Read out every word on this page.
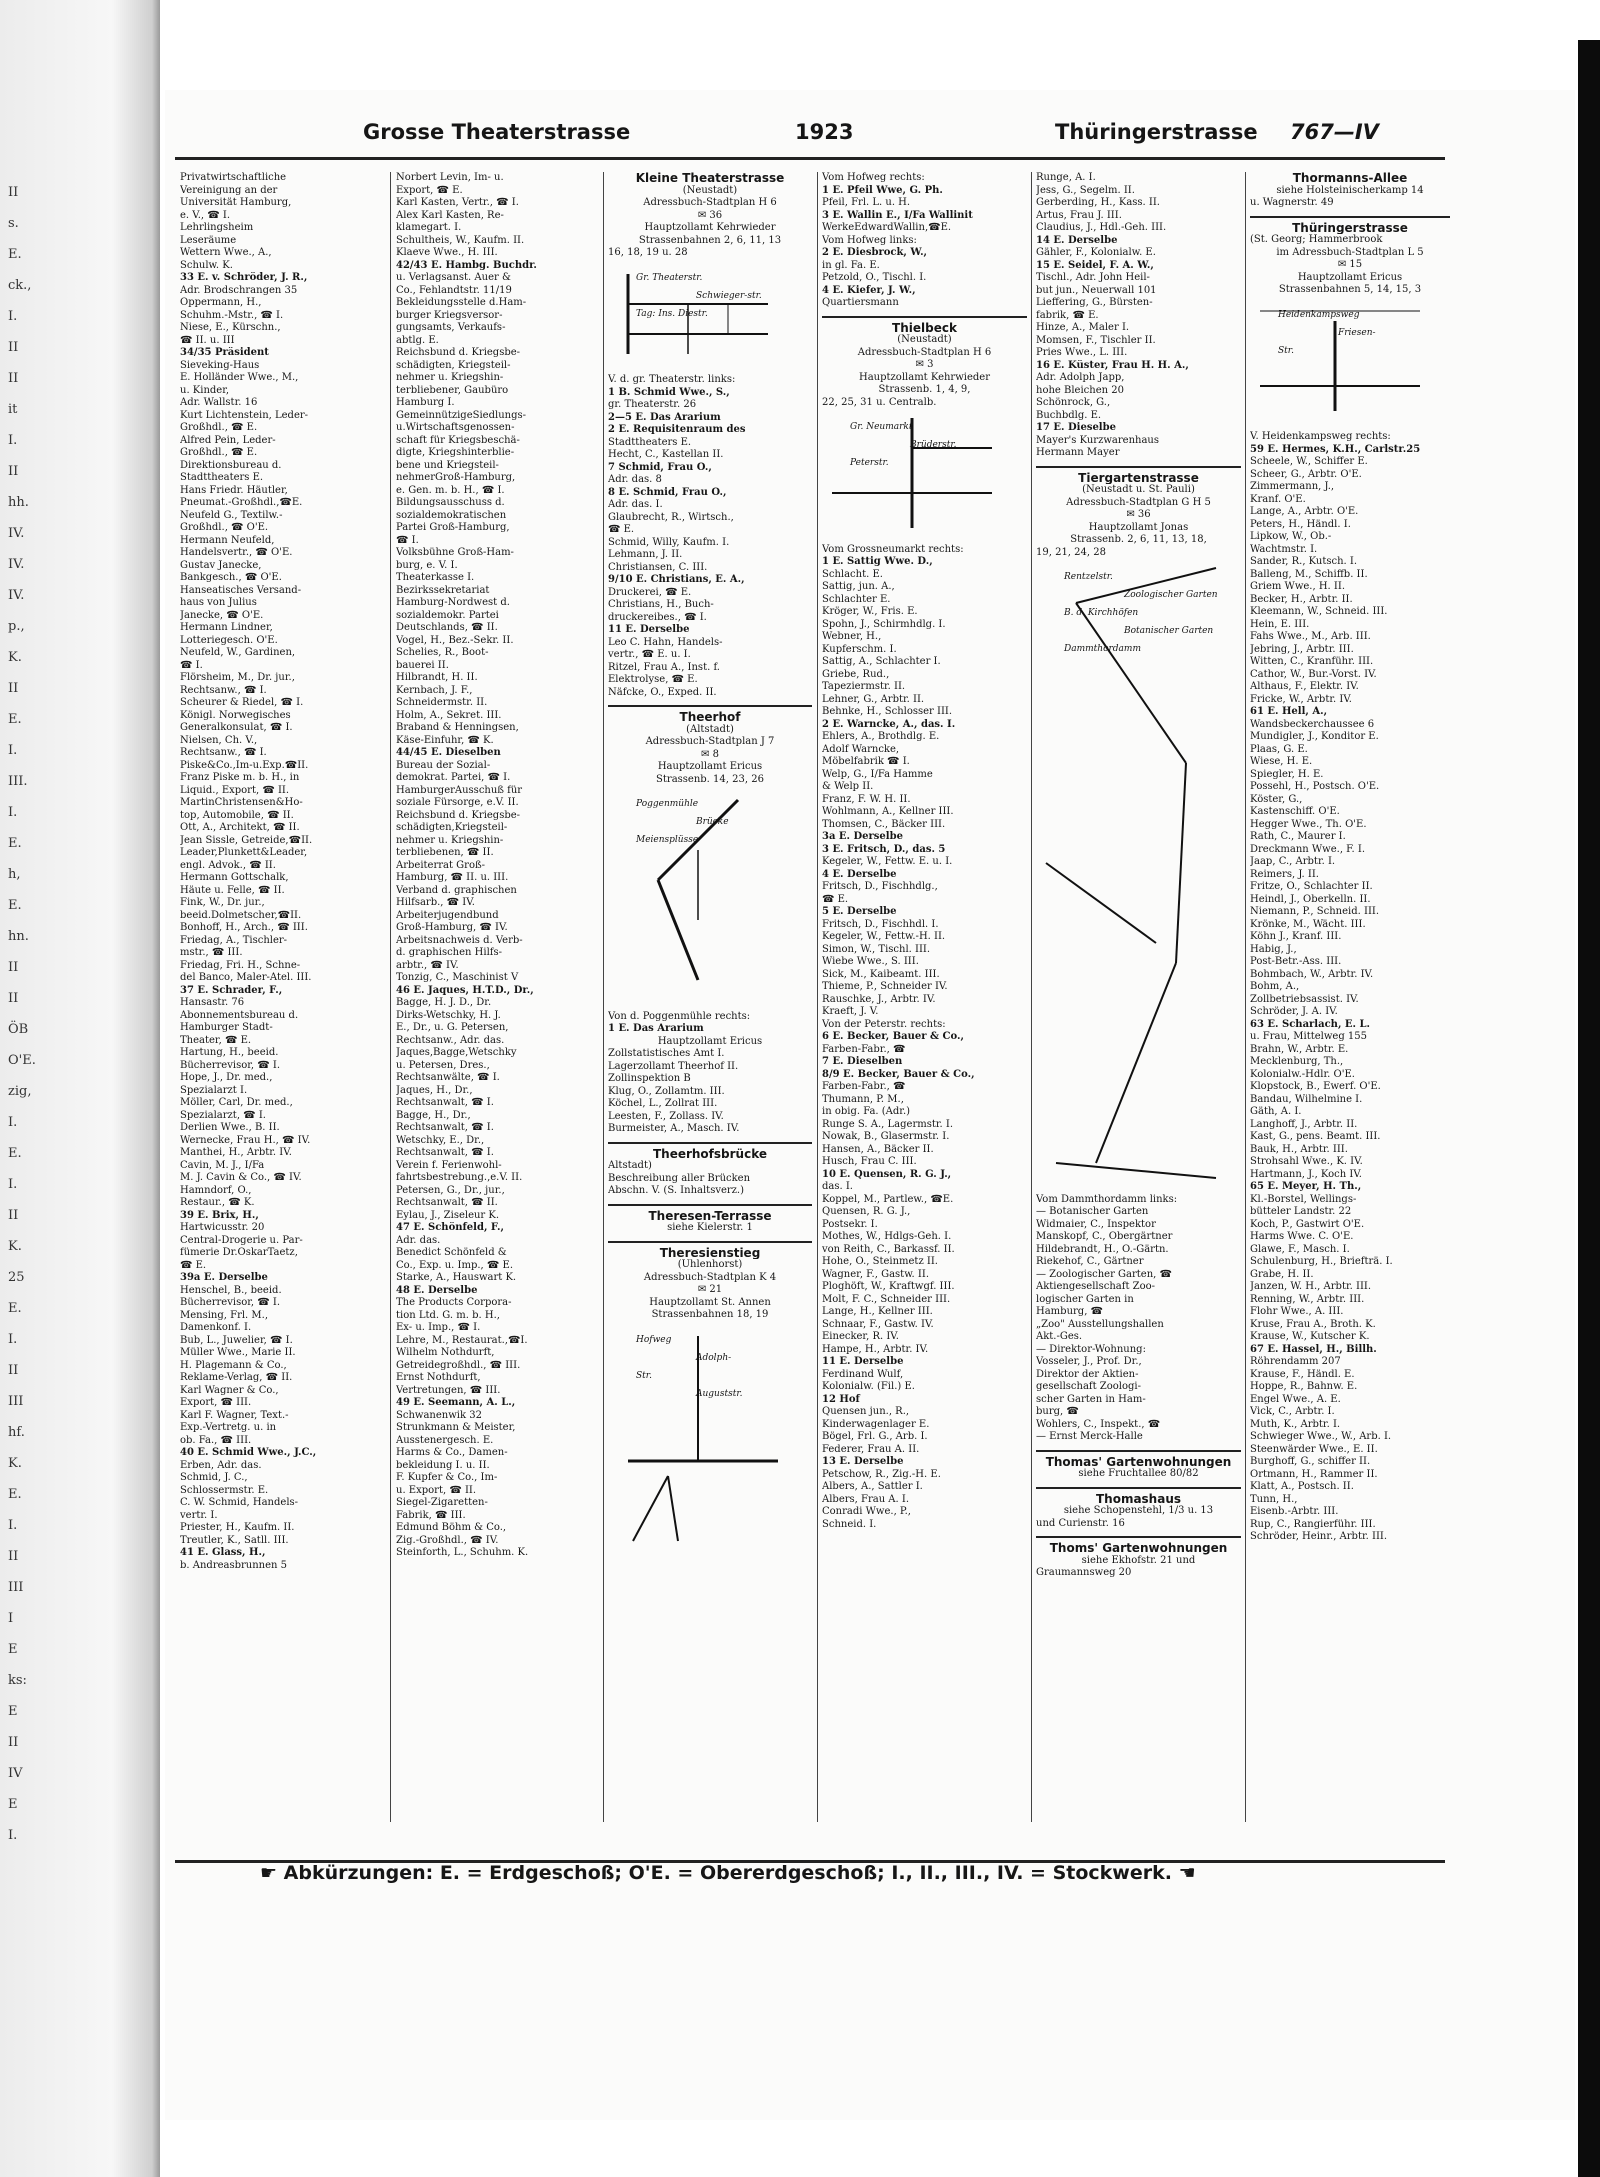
Grosse Theaterstrasse	1923	Thüringerstrasse 767—IV
II
s.
E.
ck.,
I.
II
II
it
I.
II
hh.
IV.
IV.
IV.
p.,
K.
II
E.
I.
III.
I.
E.
h,
E.
hn.
II
II
ÖB
O'E.
zig,
I.
E.
I.
II
K.
25
E.
I.
II
III
hf.
K.
E.
I.
II
III
I
E
ks:
E
II
IV
E
I.
Privatwirtschaftliche
Vereinigung an der
Universität Hamburg,
e. V., ☎ I.
Lehrlingsheim
Leseräume
Wettern Wwe., A.,
Schulw. K.
33 E. v. Schröder, J. R.,
Adr. Brodschrangen 35
Oppermann, H.,
Schuhm.-Mstr., ☎ I.
Niese, E., Kürschn.,
☎ II. u. III
34/35 Präsident
Sieveking-Haus
E. Holländer Wwe., M.,
u. Kinder,
Adr. Wallstr. 16
Kurt Lichtenstein, Leder-
Großhdl., ☎ E.
Alfred Pein, Leder-
Großhdl., ☎ E.
Direktionsbureau d.
Stadttheaters E.
Hans Friedr. Häutler,
Pneumat.-Großhdl.,☎E.
Neufeld G., Textilw.-
Großhdl., ☎ O'E.
Hermann Neufeld,
Handelsvertr., ☎ O'E.
Gustav Janecke,
Bankgesch., ☎ O'E.
Hanseatisches Versand-
haus von Julius
Janecke, ☎ O'E.
Hermann Lindner,
Lotteriegesch. O'E.
Neufeld, W., Gardinen,
☎ I.
Flörsheim, M., Dr. jur.,
Rechtsanw., ☎ I.
Scheurer & Riedel, ☎ I.
Königl. Norwegisches
Generalkonsulat, ☎ I.
Nielsen, Ch. V.,
Rechtsanw., ☎ I.
Piske&Co.,Im-u.Exp.☎II.
Franz Piske m. b. H., in
Liquid., Export, ☎ II.
MartinChristensen&Ho-
top, Automobile, ☎ II.
Ott, A., Architekt, ☎ II.
Jean Sissle, Getreide,☎II.
Leader,Plunkett&Leader,
engl. Advok., ☎ II.
Hermann Gottschalk,
Häute u. Felle, ☎ II.
Fink, W., Dr. jur.,
beeid.Dolmetscher,☎II.
Bonhoff, H., Arch., ☎ III.
Friedag, A., Tischler-
mstr., ☎ III.
Friedag, Fri. H., Schne-
del Banco, Maler-Atel. III.
37 E. Schrader, F.,
Hansastr. 76
Abonnementsbureau d.
Hamburger Stadt-
Theater, ☎ E.
Hartung, H., beeid.
Bücherrevisor, ☎ I.
Hope, J., Dr. med.,
Spezialarzt I.
Möller, Carl, Dr. med.,
Spezialarzt, ☎ I.
Derlien Wwe., B. II.
Wernecke, Frau H., ☎ IV.
Manthei, H., Arbtr. IV.
Cavin, M. J., I/Fa
M. J. Cavin & Co., ☎ IV.
Hamndorf, O.,
Restaur., ☎ K.
39 E. Brix, H.,
Hartwicusstr. 20
Central-Drogerie u. Par-
fümerie Dr.OskarTaetz,
☎ E.
39a E. Derselbe
Henschel, B., beeid.
Bücherrevisor, ☎ I.
Mensing, Frl. M.,
Damenkonf. I.
Bub, L., Juwelier, ☎ I.
Müller Wwe., Marie II.
H. Plagemann & Co.,
Reklame-Verlag, ☎ II.
Karl Wagner & Co.,
Export, ☎ III.
Karl F. Wagner, Text.-
Exp.-Vertretg. u. in
ob. Fa., ☎ III.
40 E. Schmid Wwe., J.C.,
Erben, Adr. das.
Schmid, J. C.,
Schlossermstr. E.
C. W. Schmid, Handels-
vertr. I.
Priester, H., Kaufm. II.
Treutler, K., Satll. III.
41 E. Glass, H.,
b. Andreasbrunnen 5
Norbert Levin, Im- u.
Export, ☎ E.
Karl Kasten, Vertr., ☎ I.
Alex Karl Kasten, Re-
klamegart. I.
Schultheis, W., Kaufm. II.
Klaeve Wwe., H. III.
42/43 E. Hambg. Buchdr.
u. Verlagsanst. Auer &
Co., Fehlandtstr. 11/19
Bekleidungsstelle d.Ham-
burger Kriegsversor-
gungsamts, Verkaufs-
abtlg. E.
Reichsbund d. Kriegsbe-
schädigten, Kriegsteil-
nehmer u. Kriegshin-
terbliebener, Gaubüro
Hamburg I.
GemeinnützigeSiedlungs-
u.Wirtschaftsgenossen-
schaft für Kriegsbeschä-
digte, Kriegshinterblie-
bene und Kriegsteil-
nehmerGroß-Hamburg,
e. Gen. m. b. H., ☎ I.
Bildungsausschuss d.
sozialdemokratischen
Partei Groß-Hamburg,
☎ I.
Volksbühne Groß-Ham-
burg, e. V. I.
Theaterkasse I.
Bezirkssekretariat
Hamburg-Nordwest d.
sozialdemokr. Partei
Deutschlands, ☎ II.
Vogel, H., Bez.-Sekr. II.
Schelies, R., Boot-
bauerei II.
Hilbrandt, H. II.
Kernbach, J. F.,
Schneidermstr. II.
Holm, A., Sekret. III.
Braband & Henningsen,
Käse-Einfuhr, ☎ K.
44/45 E. Dieselben
Bureau der Sozial-
demokrat. Partei, ☎ I.
HamburgerAusschuß für
soziale Fürsorge, e.V. II.
Reichsbund d. Kriegsbe-
schädigten,Kriegsteil-
nehmer u. Kriegshin-
terbliebenen, ☎ II.
Arbeiterrat Groß-
Hamburg, ☎ II. u. III.
Verband d. graphischen
Hilfsarb., ☎ IV.
Arbeiterjugendbund
Groß-Hamburg, ☎ IV.
Arbeitsnachweis d. Verb-
d. graphischen Hilfs-
arbtr., ☎ IV.
Tonzig, C., Maschinist V
46 E. Jaques, H.T.D., Dr.,
Bagge, H. J. D., Dr.
Dirks-Wetschky, H. J.
E., Dr., u. G. Petersen,
Rechtsanw., Adr. das.
Jaques,Bagge,Wetschky
u. Petersen, Dres.,
Rechtsanwälte, ☎ I.
Jaques, H., Dr.,
Rechtsanwalt, ☎ I.
Bagge, H., Dr.,
Rechtsanwalt, ☎ I.
Wetschky, E., Dr.,
Rechtsanwalt, ☎ I.
Verein f. Ferienwohl-
fahrtsbestrebung.,e.V. II.
Petersen, G., Dr., jur.,
Rechtsanwalt, ☎ II.
Eylau, J., Ziseleur K.
47 E. Schönfeld, F.,
Adr. das.
Benedict Schönfeld &
Co., Exp. u. Imp., ☎ E.
Starke, A., Hauswart K.
48 E. Derselbe
The Products Corpora-
tion Ltd. G. m. b. H.,
Ex- u. Imp., ☎ I.
Lehre, M., Restaurat.,☎I.
Wilhelm Nothdurft,
Getreidegroßhdl., ☎ III.
Ernst Nothdurft,
Vertretungen, ☎ III.
49 E. Seemann, A. L.,
Schwanenwik 32
Strunkmann & Meister,
Ausstenergesch. E.
Harms & Co., Damen-
bekleidung I. u. II.
F. Kupfer & Co., Im-
u. Export, ☎ II.
Siegel-Zigaretten-
Fabrik, ☎ III.
Edmund Böhm & Co.,
Zig.-Großhdl., ☎ IV.
Steinforth, L., Schuhm. K.
Kleine Theaterstrasse
(Neustadt)
Adressbuch-Stadtplan H 6
✉ 36
Hauptzollamt Kehrwieder
Strassenbahnen 2, 6, 11, 13
16, 18, 19 u. 28
Gr. Theaterstr.
Schwieger-str.
Tag: Ins. Diestr.
V. d. gr. Theaterstr. links:
1 B. Schmid Wwe., S.,
gr. Theaterstr. 26
2—5 E. Das Ärarium
2 E. Requisitenraum des
Stadttheaters E.
Hecht, C., Kastellan II.
7 Schmid, Frau O.,
Adr. das. 8
8 E. Schmid, Frau O.,
Adr. das. I.
Glaubrecht, R., Wirtsch.,
☎ E.
Schmid, Willy, Kaufm. I.
Lehmann, J. II.
Christiansen, C. III.
9/10 E. Christians, E. A.,
Druckerei, ☎ E.
Christians, H., Buch-
druckereibes., ☎ I.
11 E. Derselbe
Leo C. Hahn, Handels-
vertr., ☎ E. u. I.
Ritzel, Frau A., Inst. f.
Elektrolyse, ☎ E.
Näfcke, O., Exped. II.
Theerhof
(Altstadt)
Adressbuch-Stadtplan J 7
✉ 8
Hauptzollamt Ericus
Strassenb. 14, 23, 26
Poggenmühle
Brücke
Meiensplüsse
Von d. Poggenmühle rechts:
1 E. Das Ärarium
Hauptzollamt Ericus
Zollstatistisches Amt I.
Lagerzollamt Theerhof II.
Zollinspektion B
Klug, O., Zollamtm. III.
Köchel, L., Zollrat III.
Leesten, F., Zollass. IV.
Burmeister, A., Masch. IV.
Theerhofsbrücke
Altstadt)
Beschreibung aller Brücken
Abschn. V. (S. Inhaltsverz.)
Theresen-Terrasse
siehe Kielerstr. 1
Theresienstieg
(Uhlenhorst)
Adressbuch-Stadtplan K 4
✉ 21
Hauptzollamt St. Annen
Strassenbahnen 18, 19
Hofweg
Adolph-
Str.
Auguststr.
Vom Hofweg rechts:
1 E. Pfeil Wwe, G. Ph.
Pfeil, Frl. L. u. H.
3 E. Wallin E., I/Fa Wallinit
WerkeEdwardWallin,☎E.
Vom Hofweg links:
2 E. Diesbrock, W.,
in gl. Fa. E.
Petzold, O., Tischl. I.
4 E. Kiefer, J. W.,
Quartiersmann
Thielbeck
(Neustadt)
Adressbuch-Stadtplan H 6
✉ 3
Hauptzollamt Kehrwieder
Strassenb. 1, 4, 9,
22, 25, 31 u. Centralb.
Gr. Neumarkt
Brüderstr.
Peterstr.
Vom Grossneumarkt rechts:
1 E. Sattig Wwe. D.,
Schlacht. E.
Sattig, jun. A.,
Schlachter E.
Kröger, W., Fris. E.
Spohn, J., Schirmhdlg. I.
Webner, H.,
Kupferschm. I.
Sattig, A., Schlachter I.
Griebe, Rud.,
Tapeziermstr. II.
Lehner, G., Arbtr. II.
Behnke, H., Schlosser III.
2 E. Warncke, A., das. I.
Ehlers, A., Brothdlg. E.
Adolf Warncke,
Möbelfabrik ☎ I.
Welp, G., I/Fa Hamme
& Welp II.
Franz, F. W. H. II.
Wohlmann, A., Kellner III.
Thomsen, C., Bäcker III.
3a E. Derselbe
3 E. Fritsch, D., das. 5
Kegeler, W., Fettw. E. u. I.
4 E. Derselbe
Fritsch, D., Fischhdlg.,
☎ E.
5 E. Derselbe
Fritsch, D., Fischhdl. I.
Kegeler, W., Fettw.-H. II.
Simon, W., Tischl. III.
Wiebe Wwe., S. III.
Sick, M., Kaibeamt. III.
Thieme, P., Schneider IV.
Rauschke, J., Arbtr. IV.
Kraeft, J. V.
Von der Peterstr. rechts:
6 E. Becker, Bauer & Co.,
Farben-Fabr., ☎
7 E. Dieselben
8/9 E. Becker, Bauer & Co.,
Farben-Fabr., ☎
Thumann, P. M.,
in obig. Fa. (Adr.)
Runge S. A., Lagermstr. I.
Nowak, B., Glasermstr. I.
Hansen, A., Bäcker II.
Husch, Frau C. III.
10 E. Quensen, R. G. J.,
das. I.
Koppel, M., Partlew., ☎E.
Quensen, R. G. J.,
Postsekr. I.
Mothes, W., Hdlgs-Geh. I.
von Reith, C., Barkassf. II.
Hohe, O., Steinmetz II.
Wagner, F., Gastw. II.
Ploghöft, W., Kraftwgf. III.
Molt, F. C., Schneider III.
Lange, H., Kellner III.
Schnaar, F., Gastw. IV.
Einecker, R. IV.
Hampe, H., Arbtr. IV.
11 E. Derselbe
Ferdinand Wulf,
Kolonialw. (Fil.) E.
12 Hof
Quensen jun., R.,
Kinderwagenlager E.
Bögel, Frl. G., Arb. I.
Federer, Frau A. II.
13 E. Derselbe
Petschow, R., Zig.-H. E.
Albers, A., Sattler I.
Albers, Frau A. I.
Conradi Wwe., P.,
Schneid. I.
Runge, A. I.
Jess, G., Segelm. II.
Gerberding, H., Kass. II.
Artus, Frau J. III.
Claudius, J., Hdl.-Geh. III.
14 E. Derselbe
Gähler, F., Kolonialw. E.
15 E. Seidel, F. A. W.,
Tischl., Adr. John Heil-
but jun., Neuerwall 101
Lieffering, G., Bürsten-
fabrik, ☎ E.
Hinze, A., Maler I.
Momsen, F., Tischler II.
Pries Wwe., L. III.
16 E. Küster, Frau H. H. A.,
Adr. Adolph Japp,
hohe Bleichen 20
Schönrock, G.,
Buchbdlg. E.
17 E. Dieselbe
Mayer's Kurzwarenhaus
Hermann Mayer
Tiergartenstrasse
(Neustadt u. St. Pauli)
Adressbuch-Stadtplan G H 5
✉ 36
Hauptzollamt Jonas
Strassenb. 2, 6, 11, 13, 18,
19, 21, 24, 28
Rentzelstr.
Zoologischer Garten
B. d. Kirchhöfen
Botanischer Garten
Dammthordamm
Vom Dammthordamm links:
— Botanischer Garten
Widmaier, C., Inspektor
Manskopf, C., Obergärtner
Hildebrandt, H., O.-Gärtn.
Riekehof, C., Gärtner
— Zoologischer Garten, ☎
Aktiengesellschaft Zoo-
logischer Garten in
Hamburg, ☎
„Zoo" Ausstellungshallen
Akt.-Ges.
— Direktor-Wohnung:
Vosseler, J., Prof. Dr.,
Direktor der Aktien-
gesellschaft Zoologi-
scher Garten in Ham-
burg, ☎
Wohlers, C., Inspekt., ☎
— Ernst Merck-Halle
Thomas' Gartenwohnungen
siehe Fruchtallee 80/82
Thomashaus
siehe Schopenstehl, 1/3 u. 13
und Curienstr. 16
Thoms' Gartenwohnungen
siehe Ekhofstr. 21 und
Graumannsweg 20
Thormanns-Allee
siehe Holsteinischerkamp 14
u. Wagnerstr. 49
Thüringerstrasse
(St. Georg; Hammerbrook
im Adressbuch-Stadtplan L 5
✉ 15
Hauptzollamt Ericus
Strassenbahnen 5, 14, 15, 3
Heidenkampsweg
Friesen-
Str.
V. Heidenkampsweg rechts:
59 E. Hermes, K.H., Carlstr.25
Scheele, W., Schiffer E.
Scheer, G., Arbtr. O'E.
Zimmermann, J.,
Kranf. O'E.
Lange, A., Arbtr. O'E.
Peters, H., Händl. I.
Lipkow, W., Ob.-
Wachtmstr. I.
Sander, R., Kutsch. I.
Balleng, M., Schiffb. II.
Griem Wwe., H. II.
Becker, H., Arbtr. II.
Kleemann, W., Schneid. III.
Hein, E. III.
Fahs Wwe., M., Arb. III.
Jebring, J., Arbtr. III.
Witten, C., Kranführ. III.
Cathor, W., Bur.-Vorst. IV.
Althaus, F., Elektr. IV.
Fricke, W., Arbtr. IV.
61 E. Hell, A.,
Wandsbeckerchaussee 6
Mundigler, J., Konditor E.
Plaas, G. E.
Wiese, H. E.
Spiegler, H. E.
Possehl, H., Postsch. O'E.
Köster, G.,
Kastenschiff. O'E.
Hegger Wwe., Th. O'E.
Rath, C., Maurer I.
Dreckmann Wwe., F. I.
Jaap, C., Arbtr. I.
Reimers, J. II.
Fritze, O., Schlachter II.
Heindl, J., Oberkelln. II.
Niemann, P., Schneid. III.
Krönke, M., Wächt. III.
Köhn J., Kranf. III.
Habig, J.,
Post-Betr.-Ass. III.
Bohmbach, W., Arbtr. IV.
Bohm, A.,
Zollbetriebsassist. IV.
Schröder, J. A. IV.
63 E. Scharlach, E. L.
u. Frau, Mittelweg 155
Brahn, W., Arbtr. E.
Mecklenburg, Th.,
Kolonialw.-Hdlr. O'E.
Klopstock, B., Ewerf. O'E.
Bandau, Wilhelmine I.
Gäth, A. I.
Langhoff, J., Arbtr. II.
Kast, G., pens. Beamt. III.
Bauk, H., Arbtr. III.
Strohsahl Wwe., K. IV.
Hartmann, J., Koch IV.
65 E. Meyer, H. Th.,
Kl.-Borstel, Wellings-
bütteler Landstr. 22
Koch, P., Gastwirt O'E.
Harms Wwe. C. O'E.
Glawe, F., Masch. I.
Schulenburg, H., Briefträ. I.
Grabe, H. II.
Janzen, W. H., Arbtr. III.
Renning, W., Arbtr. III.
Flohr Wwe., A. III.
Kruse, Frau A., Broth. K.
Krause, W., Kutscher K.
67 E. Hassel, H., Billh.
Röhrendamm 207
Krause, F., Händl. E.
Hoppe, R., Bahnw. E.
Engel Wwe., A. E.
Vick, C., Arbtr. I.
Muth, K., Arbtr. I.
Schwieger Wwe., W., Arb. I.
Steenwärder Wwe., E. II.
Burghoff, G., schiffer II.
Ortmann, H., Rammer II.
Klatt, A., Postsch. II.
Tunn, H.,
Eisenb.-Arbtr. III.
Rup, C., Rangierführ. III.
Schröder, Heinr., Arbtr. III.
☛ Abkürzungen: E. = Erdgeschoß; O'E. = Obererdgeschoß; I., II., III., IV. = Stockwerk. ☚
